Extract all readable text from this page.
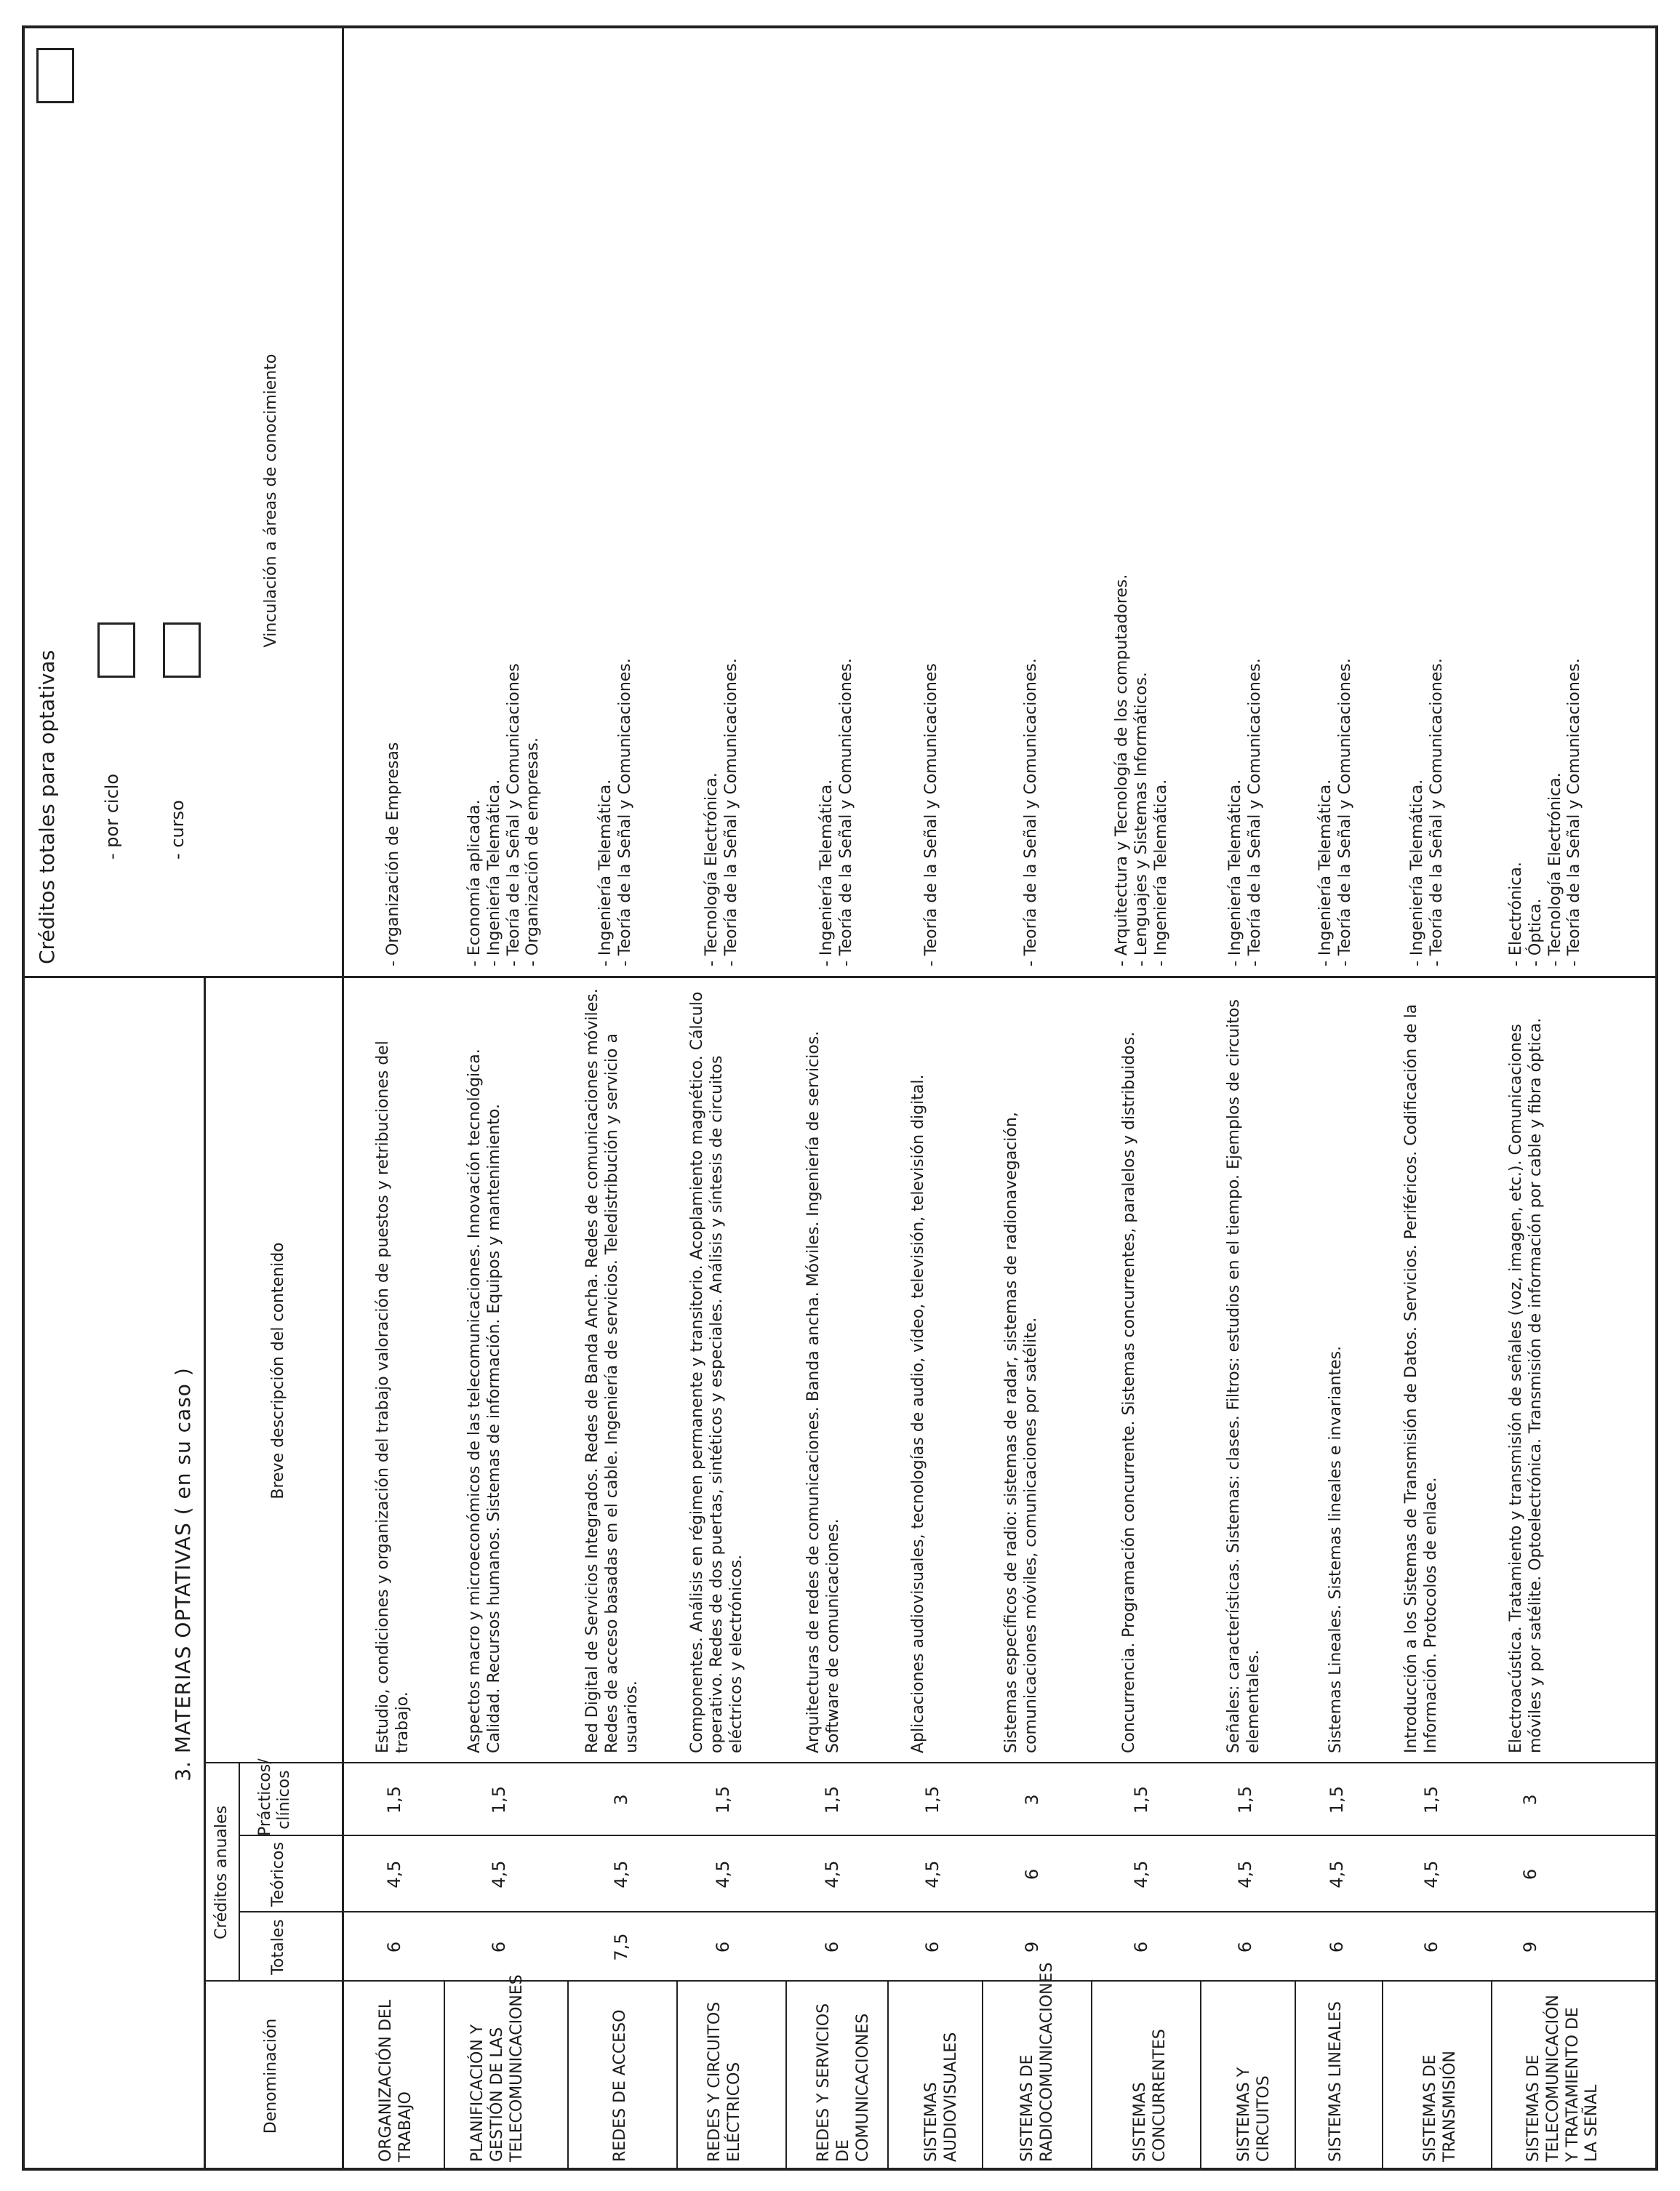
3. MATERIAS OPTATIVAS ( en su caso )
Créditos totales para optativas - por ciclo	- curso
Vinculación a áreas de conocimiento
Denominación
Créditos anuales
Totales
Teóricos
Prácticos/ clínicos
Breve descripción del contenido
ORGANIZACIÓN DEL TRABAJO
6
4,5
1,5
Estudio, condiciones y organización del trabajo valoración de puestos y retribuciones del trabajo.
- Organización de Empresas
PLANIFICACIÓN Y GESTIÓN DE LAS TELECOMUNICACIONES
6
4,5
1,5
Aspectos macro y microeconómicos de las telecomunicaciones. Innovación tecnológica. Calidad. Recursos humanos. Sistemas de información. Equipos y mantenimiento.
- Economía aplicada. - Ingeniería Telemática. - Teoría de la Señal y Comunicaciones - Organización de empresas.
REDES DE ACCESO
7,5
4,5
3
Red Digital de Servicios Integrados. Redes de Banda Ancha. Redes de comunicaciones móviles. Redes de acceso basadas en el cable. Ingeniería de servicios. Teledistribución y servicio a usuarios.
- Ingeniería Telemática. - Teoría de la Señal y Comunicaciones.
REDES Y CIRCUITOS ELÉCTRICOS
6
4,5
1,5
Componentes. Análisis en régimen permanente y transitorio. Acoplamiento magnético. Cálculo operativo. Redes de dos puertas, sintéticos y especiales. Análisis y síntesis de circuitos eléctricos y electrónicos.
- Tecnología Electrónica. - Teoría de la Señal y Comunicaciones.
REDES Y SERVICIOS DE COMUNICACIONES
6
4,5
1,5
Arquitecturas de redes de comunicaciones. Banda ancha. Móviles. Ingeniería de servicios. Software de comunicaciones.
- Ingeniería Telemática. - Teoría de la Señal y Comunicaciones.
SISTEMAS AUDIOVISUALES
6
4,5
1,5
Aplicaciones audiovisuales, tecnologías de audio, vídeo, televisión, televisión digital.
- Teoría de la Señal y Comunicaciones
SISTEMAS DE RADIOCOMUNICACIONES
9
6
3
Sistemas específicos de radio: sistemas de radar, sistemas de radionavegación, comunicaciones móviles, comunicaciones por satélite.
- Teoría de la Señal y Comunicaciones.
SISTEMAS CONCURRENTES
6
4,5
1,5
Concurrencia. Programación concurrente. Sistemas concurrentes, paralelos y distribuidos.
- Arquitectura y Tecnología de los computadores. - Lenguajes y Sistemas Informáticos. - Ingeniería Telemática.
SISTEMAS Y CIRCUITOS
6
4,5
1,5
Señales: características. Sistemas: clases. Filtros: estudios en el tiempo. Ejemplos de circuitos elementales.
- Ingeniería Telemática. - Teoría de la Señal y Comunicaciones.
SISTEMAS LINEALES
6
4,5
1,5
Sistemas Lineales. Sistemas lineales e invariantes.
- Ingeniería Telemática. - Teoría de la Señal y Comunicaciones.
SISTEMAS DE TRANSMISIÓN
6
4,5
1,5
Introducción a los Sistemas de Transmisión de Datos. Servicios. Periféricos. Codificación de la Información. Protocolos de enlace.
- Ingeniería Telemática. - Teoría de la Señal y Comunicaciones.
SISTEMAS DE TELECOMUNICACIÓN Y TRATAMIENTO DE LA SEÑAL
9
6
3
Electroacústica. Tratamiento y transmisión de señales (voz, imagen, etc.). Comunicaciones móviles y por satélite. Optoelectrónica. Transmisión de información por cable y fibra óptica.
- Electrónica. - Óptica. - Tecnología Electrónica. - Teoría de la Señal y Comunicaciones.
